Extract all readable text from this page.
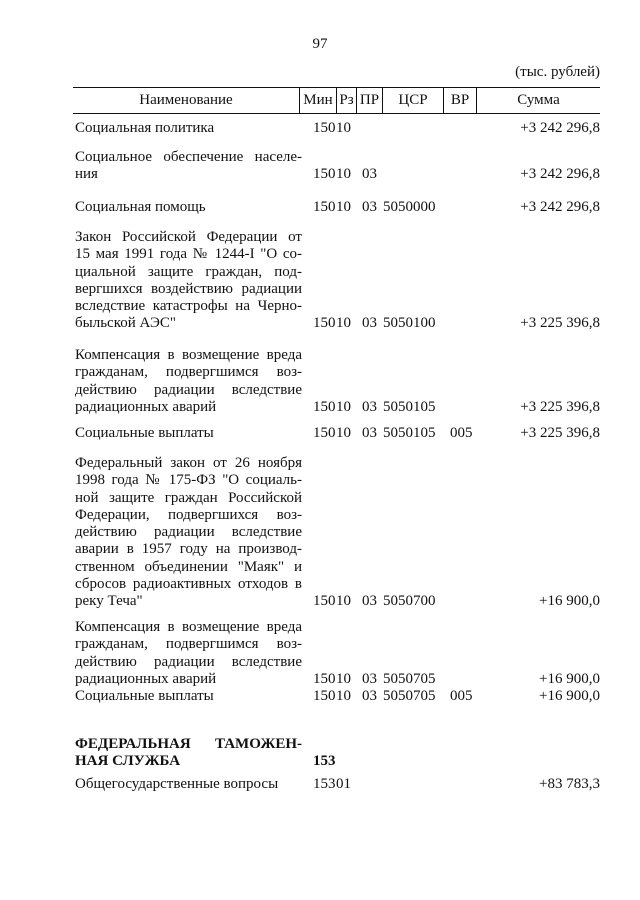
97
(тыс. рублей)
Наименование	Мин Рз ПР	ЦСР	ВР	Сумма
Социальная политика	150 10	+3 242 296,8
Социальное обеспечение населе-
ния	150 10 03	+3 242 296,8
Социальная помощь	150 10 03 5050000	+3 242 296,8
Закон Российской Федерации от
15 мая 1991 года № 1244-I "О со-
циальной защите граждан, под-
вергшихся воздействию радиации
вследствие катастрофы на Черно-
быльской АЭС"	150 10 03 5050100	+3 225 396,8
Компенсация в возмещение вреда
гражданам, подвергшимся воз-
действию радиации вследствие
радиационных аварий	150 10 03 5050105	+3 225 396,8
Социальные выплаты	150 10 03 5050105 005	+3 225 396,8
Федеральный закон от 26 ноября
1998 года № 175-ФЗ "О социаль-
ной защите граждан Российской
Федерации, подвергшихся воз-
действию радиации вследствие
аварии в 1957 году на производ-
ственном объединении "Маяк" и
сбросов радиоактивных отходов в
реку Теча"	150 10 03 5050700	+16 900,0
Компенсация в возмещение вреда
гражданам, подвергшимся воз-
действию радиации вследствие
радиационных аварий	150 10 03 5050705	+16 900,0
Социальные выплаты	150 10 03 5050705 005	+16 900,0
ФЕДЕРАЛЬНАЯ ТАМОЖЕН-
НАЯ СЛУЖБА	153
Общегосударственные вопросы	153 01	+83 783,3
